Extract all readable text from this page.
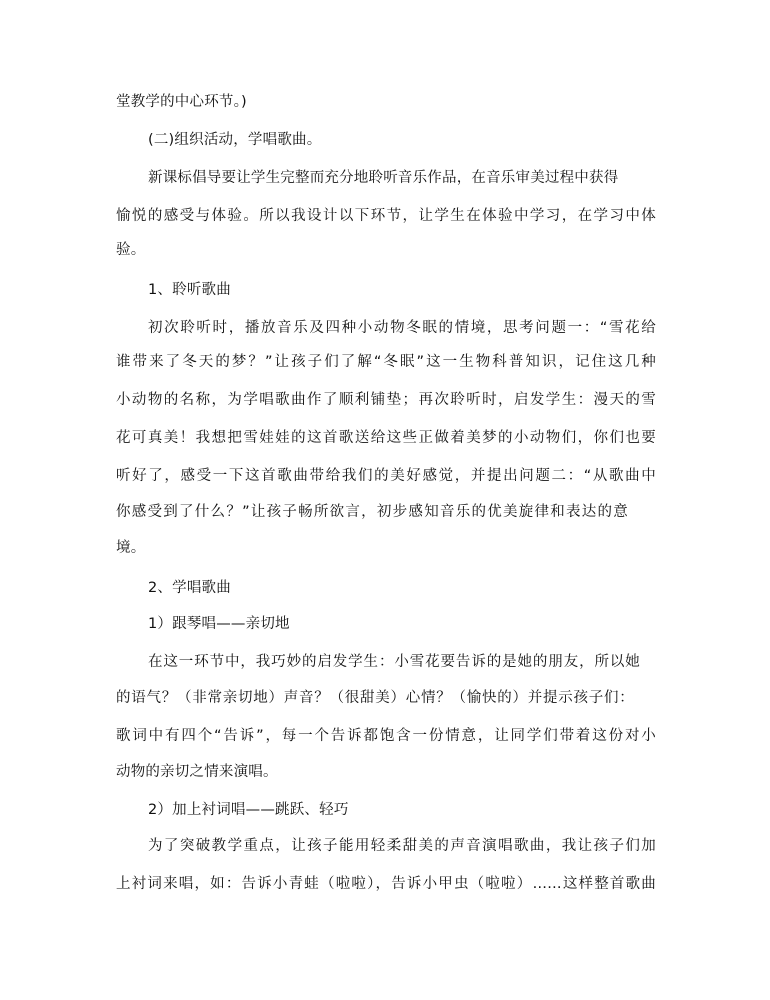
堂教学的中心环节。)
(二)组织活动，学唱歌曲。
新课标倡导要让学生完整而充分地聆听音乐作品，在音乐审美过程中获得
愉悦的感受与体验。所以我设计以下环节，让学生在体验中学习，在学习中体
验。
1、聆听歌曲
初次聆听时，播放音乐及四种小动物冬眠的情境，思考问题一：“雪花给
谁带来了冬天的梦？”让孩子们了解“冬眠”这一生物科普知识，记住这几种
小动物的名称，为学唱歌曲作了顺利铺垫；再次聆听时，启发学生：漫天的雪
花可真美！我想把雪娃娃的这首歌送给这些正做着美梦的小动物们，你们也要
听好了，感受一下这首歌曲带给我们的美好感觉，并提出问题二：“从歌曲中
你感受到了什么？”让孩子畅所欲言，初步感知音乐的优美旋律和表达的意
境。
2、学唱歌曲
1）跟琴唱——亲切地
在这一环节中，我巧妙的启发学生：小雪花要告诉的是她的朋友，所以她
的语气？（非常亲切地）声音？（很甜美）心情？（愉快的）并提示孩子们：
歌词中有四个“告诉”，每一个告诉都饱含一份情意，让同学们带着这份对小
动物的亲切之情来演唱。
2）加上衬词唱——跳跃、轻巧
为了突破教学重点，让孩子能用轻柔甜美的声音演唱歌曲，我让孩子们加
上衬词来唱，如：告诉小青蛙（啦啦），告诉小甲虫（啦啦）……这样整首歌曲
